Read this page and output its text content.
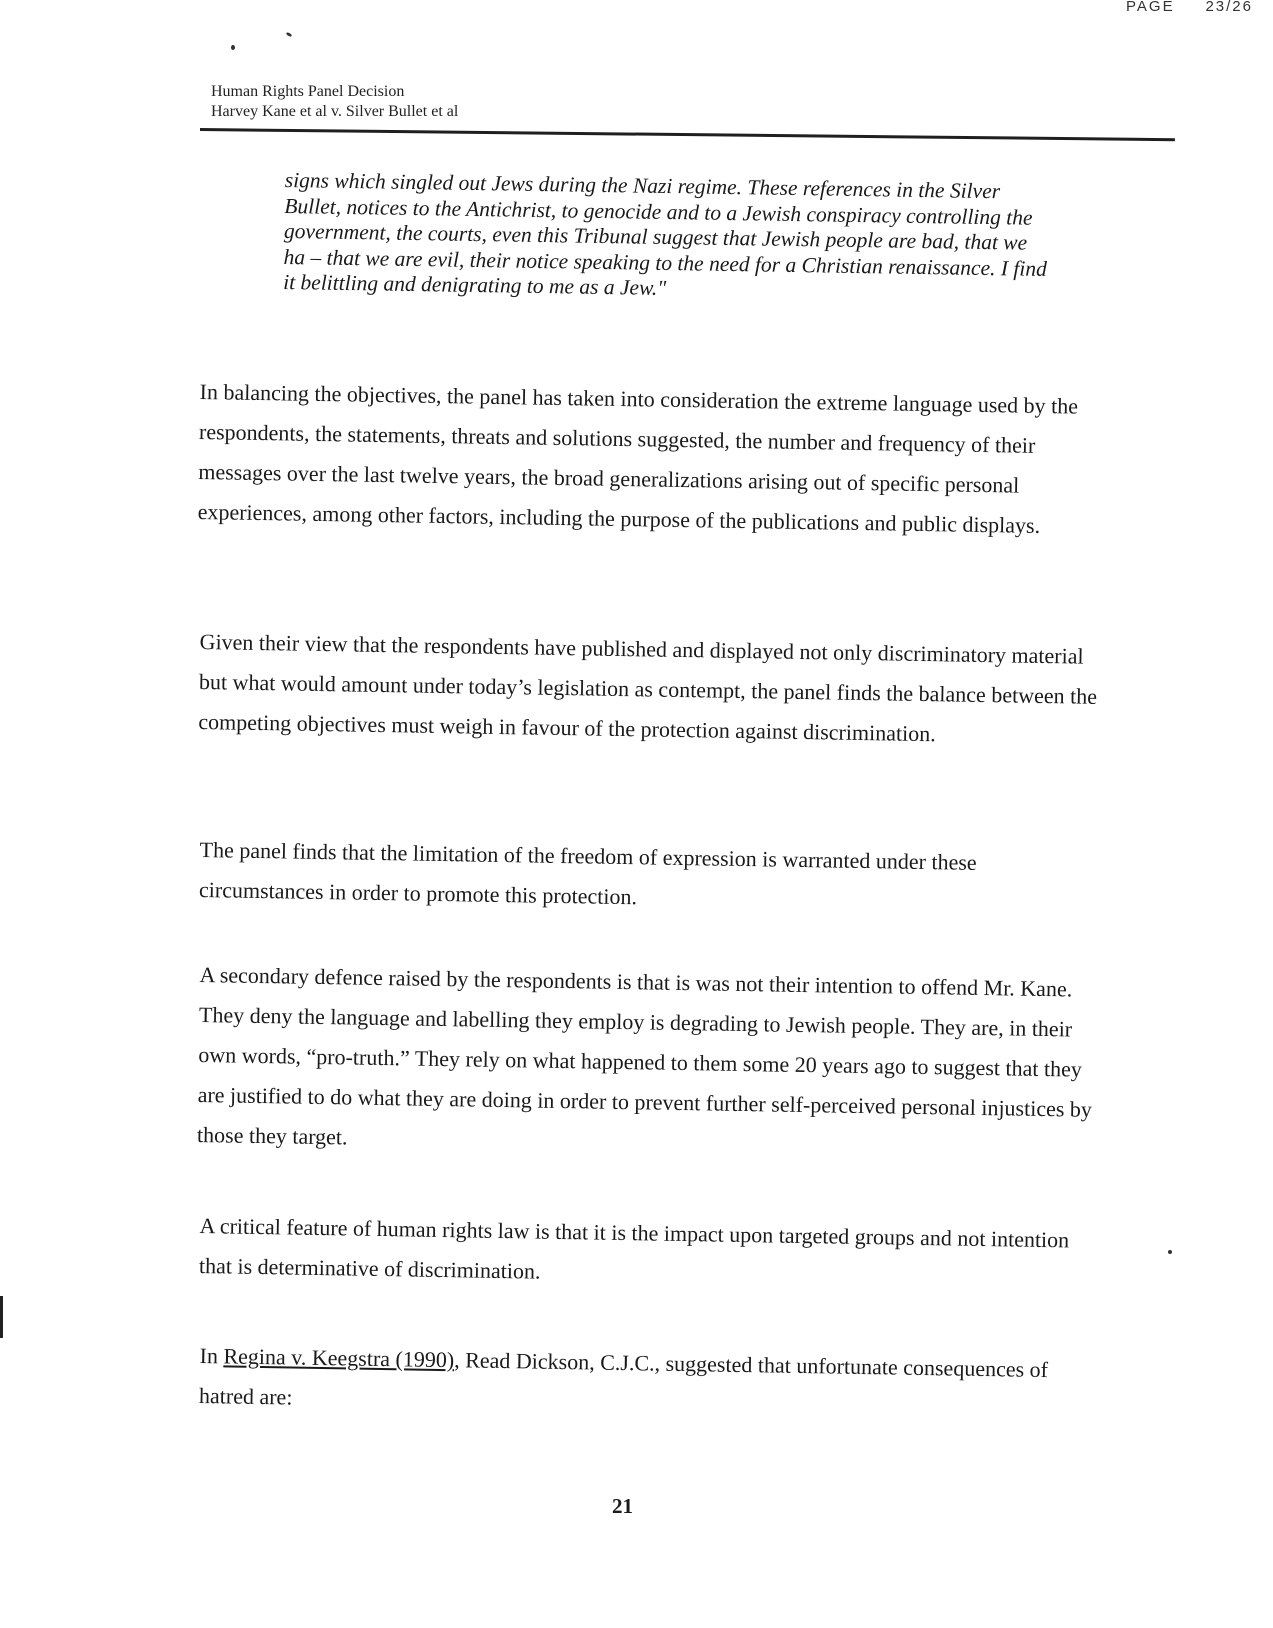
PAGE 23/26
Human Rights Panel Decision
Harvey Kane et al v. Silver Bullet et al
signs which singled out Jews during the Nazi regime. These references in the Silver Bullet, notices to the Antichrist, to genocide and to a Jewish conspiracy controlling the government, the courts, even this Tribunal suggest that Jewish people are bad, that we ha – that we are evil, their notice speaking to the need for a Christian renaissance. I find it belittling and denigrating to me as a Jew."
In balancing the objectives, the panel has taken into consideration the extreme language used by the respondents, the statements, threats and solutions suggested, the number and frequency of their messages over the last twelve years, the broad generalizations arising out of specific personal experiences, among other factors, including the purpose of the publications and public displays.
Given their view that the respondents have published and displayed not only discriminatory material but what would amount under today’s legislation as contempt, the panel finds the balance between the competing objectives must weigh in favour of the protection against discrimination.
The panel finds that the limitation of the freedom of expression is warranted under these circumstances in order to promote this protection.
A secondary defence raised by the respondents is that is was not their intention to offend Mr. Kane. They deny the language and labelling they employ is degrading to Jewish people. They are, in their own words, “pro-truth.” They rely on what happened to them some 20 years ago to suggest that they are justified to do what they are doing in order to prevent further self-perceived personal injustices by those they target.
A critical feature of human rights law is that it is the impact upon targeted groups and not intention that is determinative of discrimination.
In Regina v. Keegstra (1990), Read Dickson, C.J.C., suggested that unfortunate consequences of hatred are:
21
